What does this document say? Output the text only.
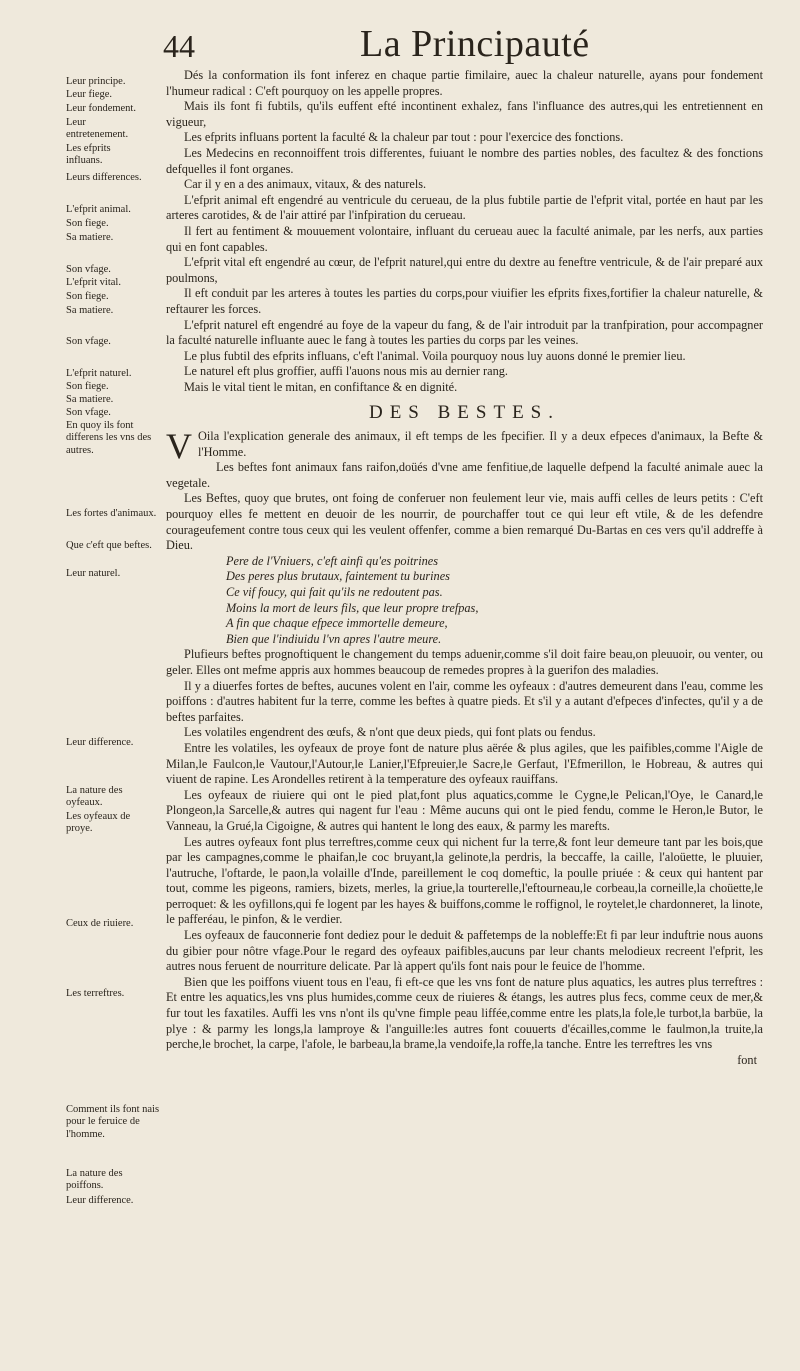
44	La Principauté
Leur principe.
Leur fiege.
Leur fondement.
Leur entretenement.
Les efprits influans.
Leurs differences.
L'efprit animal.
Son fiege.
Sa matiere.
Son vfage.
L'efprit vital.
Son fiege.
Sa matiere.
Son vfage.
L'efprit naturel.
Son fiege.
Sa matiere.
Son vfage.
En quoy ils font differens les vns des autres.
Les fortes d'animaux.
Que c'eft que beftes.
Leur naturel.
Leur difference.
La nature des oyfeaux.
Les oyfeaux de proye.
Ceux de riuiere.
Les terreftres.
Comment ils font nais pour le feruice de l'homme.
La nature des poiffons.
Leur difference.

Dés la conformation ils font inferez en chaque partie fimilaire, auec la chaleur naturelle, ayans pour fondement l'humeur radical : C'eft pourquoy on les appelle propres.

Mais ils font fi fubtils, qu'ils euffent efté incontinent exhalez, fans l'influance des autres,qui les entretiennent en vigueur,

Les efprits influans portent la faculté & la chaleur par tout : pour l'exercice des fonctions.

Les Medecins en reconnoiffent trois differentes, fuiuant le nombre des parties nobles, des facultez & des fonctions defquelles il font organes.

Car il y en a des animaux, vitaux, & des naturels.

L'efprit animal eft engendré au ventricule du cerueau, de la plus fubtile partie de l'efprit vital, portée en haut par les arteres carotides, & de l'air attiré par l'infpiration du cerueau.

Il fert au fentiment & mouuement volontaire, influant du cerueau auec la faculté animale, par les nerfs, aux parties qui en font capables.

L'efprit vital eft engendré au cœur, de l'efprit naturel,qui entre du dextre au feneftre ventricule, & de l'air preparé aux poulmons,

Il eft conduit par les arteres à toutes les parties du corps,pour viuifier les efprits fixes,fortifier la chaleur naturelle, & reftaurer les forces.

L'efprit naturel eft engendré au foye de la vapeur du fang, & de l'air introduit par la tranfpiration, pour accompagner la faculté naturelle influante auec le fang à toutes les parties du corps par les veines.

Le plus fubtil des efprits influans, c'eft l'animal. Voila pourquoy nous luy auons donné le premier lieu.

Le naturel eft plus groffier, auffi l'auons nous mis au dernier rang.

Mais le vital tient le mitan, en confiftance & en dignité.

DES BESTES.

V Oila l'explication generale des animaux, il eft temps de les fpecifier. Il y a deux efpeces d'animaux, la Befte & l'Homme.

Les beftes font animaux fans raifon,doüés d'vne ame fenfitiue,de laquelle defpend la faculté animale auec la vegetale.

Les Beftes, quoy que brutes, ont foing de conferuer non feulement leur vie, mais auffi celles de leurs petits : C'eft pourquoy elles fe mettent en deuoir de les nourrir, de pourchaffer tout ce qui leur eft vtile, & de les defendre courageufement contre tous ceux qui les veulent offenfer, comme a bien remarqué Du-Bartas en ces vers qu'il addreffe à Dieu.

Pere de l'Vniuers, c'eft ainfi qu'es poitrines

Des peres plus brutaux, faintement tu burines

Ce vif foucy, qui fait qu'ils ne redoutent pas.

Moins la mort de leurs fils, que leur propre trefpas,

A fin que chaque efpece immortelle demeure,

Bien que l'indiuidu l'vn apres l'autre meure.

Plufieurs beftes prognoftiquent le changement du temps aduenir,comme s'il doit faire beau,on pleuuoir, ou venter, ou geler. Elles ont mefme appris aux hommes beaucoup de remedes propres à la guerifon des maladies.

Il y a diuerfes fortes de beftes, aucunes volent en l'air, comme les oyfeaux : d'autres demeurent dans l'eau, comme les poiffons : d'autres habitent fur la terre, comme les beftes à quatre pieds. Et s'il y a autant d'efpeces d'infectes, qu'il y a de beftes parfaites.

Les volatiles engendrent des œufs, & n'ont que deux pieds, qui font plats ou fendus.

Entre les volatiles, les oyfeaux de proye font de nature plus aërée & plus agiles, que les paifibles,comme l'Aigle de Milan,le Faulcon,le Vautour,l'Autour,le Lanier,l'Efpreuier,le Sacre,le Gerfaut, l'Efmerillon, le Hobreau, & autres qui viuent de rapine. Les Arondelles retirent à la temperature des oyfeaux rauiffans.

Les oyfeaux de riuiere qui ont le pied plat,font plus aquatics,comme le Cygne,le Pelican,l'Oye, le Canard,le Plongeon,la Sarcelle,& autres qui nagent fur l'eau : Même aucuns qui ont le pied fendu, comme le Heron,le Butor, le Vanneau, la Grué,la Cigoigne, & autres qui hantent le long des eaux, & parmy les marefts.

Les autres oyfeaux font plus terreftres,comme ceux qui nichent fur la terre,& font leur demeure tant par les bois,que par les campagnes,comme le phaifan,le coc bruyant,la gelinote,la perdris, la beccaffe, la caille, l'aloüette, le pluuier, l'autruche, l'oftarde, le paon,la volaille d'Inde, pareillement le coq domeftic, la poulle priuée : & ceux qui hantent par tout, comme les pigeons, ramiers, bizets, merles, la griue,la tourterelle,l'eftourneau,le corbeau,la corneille,la choüette,le perroquet: & les oyfillons,qui fe logent par les hayes & buiffons,comme le roffignol, le roytelet,le chardonneret, la linote, le pafferéau, le pinfon, & le verdier.

Les oyfeaux de fauconnerie font dediez pour le deduit & paffetemps de la nobleffe:Et fi par leur induftrie nous auons du gibier pour nôtre vfage.Pour le regard des oyfeaux paifibles,aucuns par leur chants melodieux recreent l'efprit, les autres nous feruent de nourriture delicate. Par là appert qu'ils font nais pour le feuice de l'homme.

Bien que les poiffons viuent tous en l'eau, fi eft-ce que les vns font de nature plus aquatics, les autres plus terreftres : Et entre les aquatics,les vns plus humides,comme ceux de riuieres & étangs, les autres plus fecs, comme ceux de mer,& fur tout les faxatiles. Auffi les vns n'ont ils qu'vne fimple peau liffée,comme entre les plats,la fole,le turbot,la barbüe, la plye : & parmy les longs,la lamproye & l'anguille:les autres font couuerts d'écailles,comme le faulmon,la truite,la perche,le brochet, la carpe, l'afole, le barbeau,la brame,la vendoife,la roffe,la tanche. Entre les terreftres les vns

font
